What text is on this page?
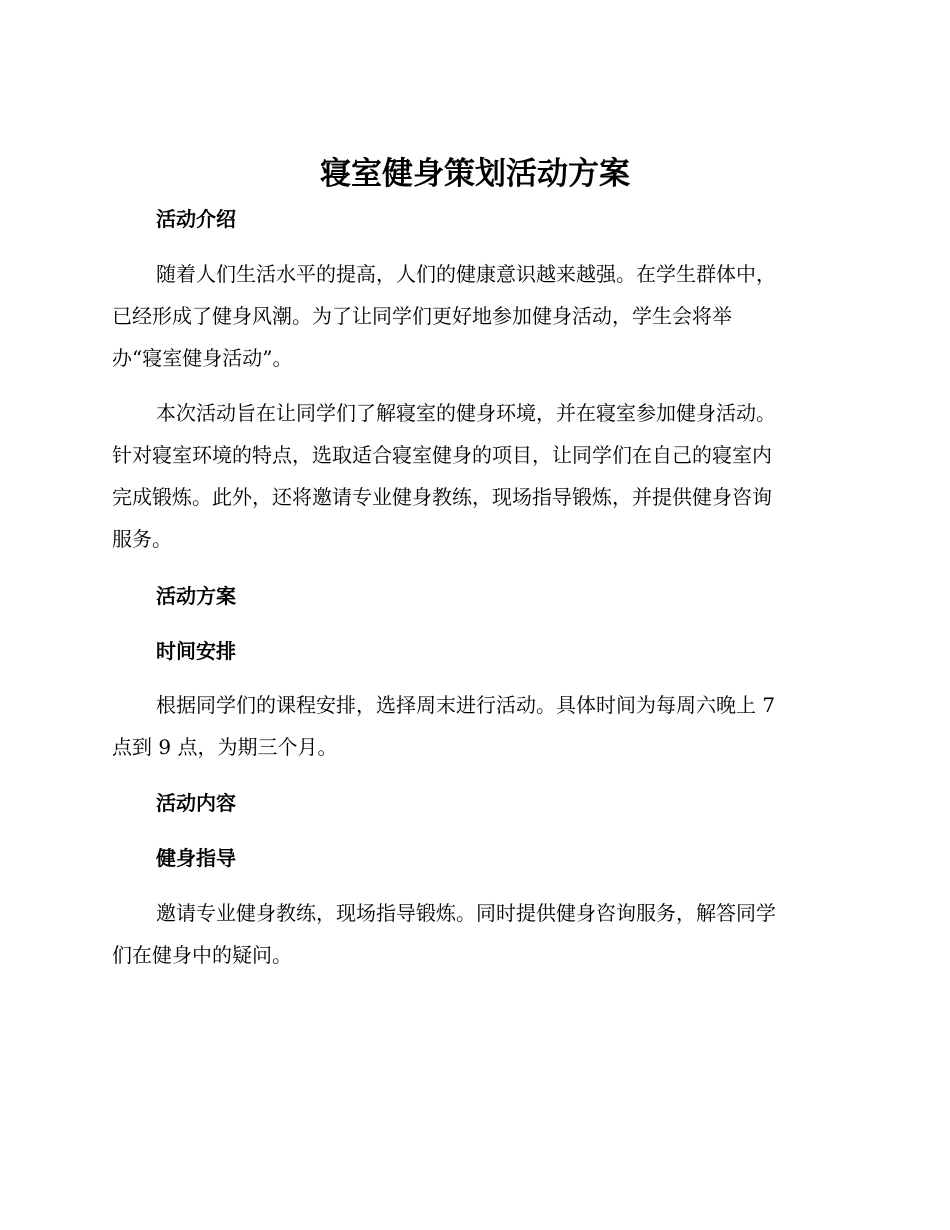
寝室健身策划活动方案
活动介绍

随着人们生活水平的提高，人们的健康意识越来越强。在学生群体中，
已经形成了健身风潮。为了让同学们更好地参加健身活动，学生会将举
办“寝室健身活动”。

本次活动旨在让同学们了解寝室的健身环境，并在寝室参加健身活动。
针对寝室环境的特点，选取适合寝室健身的项目，让同学们在自己的寝室内
完成锻炼。此外，还将邀请专业健身教练，现场指导锻炼，并提供健身咨询
服务。

活动方案
时间安排

根据同学们的课程安排，选择周末进行活动。具体时间为每周六晚上 7
点到 9 点，为期三个月。

活动内容
健身指导

邀请专业健身教练，现场指导锻炼。同时提供健身咨询服务，解答同学
们在健身中的疑问。
